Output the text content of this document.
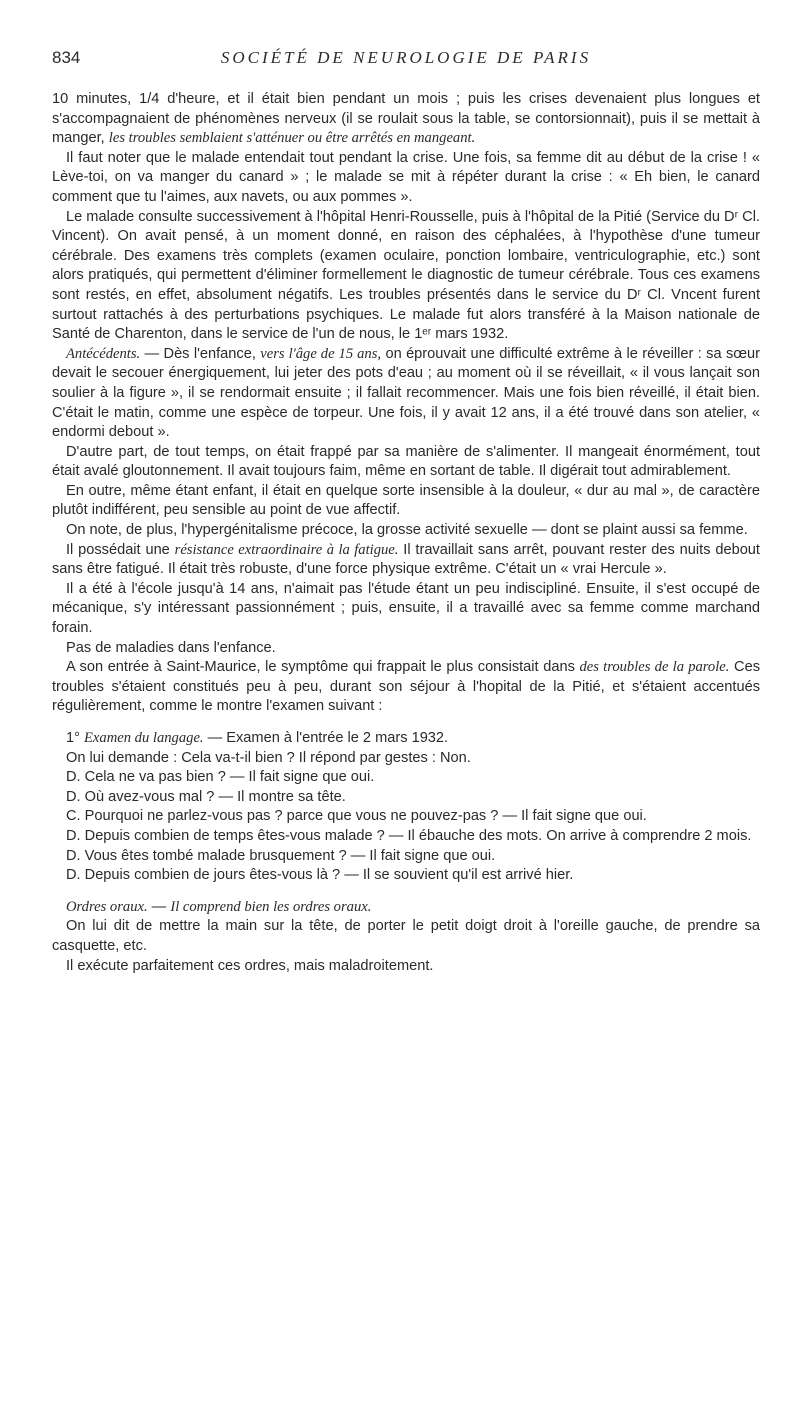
834	SOCIÉTÉ DE NEUROLOGIE DE PARIS

10 minutes, 1/4 d'heure, et il était bien pendant un mois ; puis les crises devenaient plus longues et s'accompagnaient de phénomènes nerveux (il se roulait sous la table, se contorsionnait), puis il se mettait à manger, les troubles semblaient s'atténuer ou être arrêtés en mangeant.

Il faut noter que le malade entendait tout pendant la crise. Une fois, sa femme dit au début de la crise ! « Lève-toi, on va manger du canard » ; le malade se mit à répéter durant la crise : « Eh bien, le canard comment que tu l'aimes, aux navets, ou aux pommes ».

Le malade consulte successivement à l'hôpital Henri-Rousselle, puis à l'hôpital de la Pitié (Service du Dʳ Cl. Vincent). On avait pensé, à un moment donné, en raison des céphalées, à l'hypothèse d'une tumeur cérébrale. Des examens très complets (examen oculaire, ponction lombaire, ventriculographie, etc.) sont alors pratiqués, qui permettent d'éliminer formellement le diagnostic de tumeur cérébrale. Tous ces examens sont restés, en effet, absolument négatifs. Les troubles présentés dans le service du Dʳ Cl. Vncent furent surtout rattachés à des perturbations psychiques. Le malade fut alors transféré à la Maison nationale de Santé de Charenton, dans le service de l'un de nous, le 1ᵉʳ mars 1932.

Antécédents. — Dès l'enfance, vers l'âge de 15 ans, on éprouvait une difficulté extrême à le réveiller : sa sœur devait le secouer énergiquement, lui jeter des pots d'eau ; au moment où il se réveillait, « il vous lançait son soulier à la figure », il se rendormait ensuite ; il fallait recommencer. Mais une fois bien réveillé, il était bien. C'était le matin, comme une espèce de torpeur. Une fois, il y avait 12 ans, il a été trouvé dans son atelier, « endormi debout ».

D'autre part, de tout temps, on était frappé par sa manière de s'alimenter. Il mangeait énormément, tout était avalé gloutonnement. Il avait toujours faim, même en sortant de table. Il digérait tout admirablement.

En outre, même étant enfant, il était en quelque sorte insensible à la douleur, « dur au mal », de caractère plutôt indifférent, peu sensible au point de vue affectif.

On note, de plus, l'hypergénitalisme précoce, la grosse activité sexuelle — dont se plaint aussi sa femme.

Il possédait une résistance extraordinaire à la fatigue. Il travaillait sans arrêt, pouvant rester des nuits debout sans être fatigué. Il était très robuste, d'une force physique extrême. C'était un « vrai Hercule ».

Il a été à l'école jusqu'à 14 ans, n'aimait pas l'étude étant un peu indiscipliné. Ensuite, il s'est occupé de mécanique, s'y intéressant passionnément ; puis, ensuite, il a travaillé avec sa femme comme marchand forain.

Pas de maladies dans l'enfance.

A son entrée à Saint-Maurice, le symptôme qui frappait le plus consistait dans des troubles de la parole. Ces troubles s'étaient constitués peu à peu, durant son séjour à l'hopital de la Pitié, et s'étaient accentués régulièrement, comme le montre l'examen suivant :

1° Examen du langage. — Examen à l'entrée le 2 mars 1932.

On lui demande : Cela va-t-il bien ? Il répond par gestes : Non.

D. Cela ne va pas bien ? — Il fait signe que oui.

D. Où avez-vous mal ? — Il montre sa tête.

C. Pourquoi ne parlez-vous pas ? parce que vous ne pouvez-pas ? — Il fait signe que oui.

D. Depuis combien de temps êtes-vous malade ? — Il ébauche des mots. On arrive à comprendre 2 mois.

D. Vous êtes tombé malade brusquement ? — Il fait signe que oui.

D. Depuis combien de jours êtes-vous là ? — Il se souvient qu'il est arrivé hier.

Ordres oraux. — Il comprend bien les ordres oraux.

On lui dit de mettre la main sur la tête, de porter le petit doigt droit à l'oreille gauche, de prendre sa casquette, etc.

Il exécute parfaitement ces ordres, mais maladroitement.
